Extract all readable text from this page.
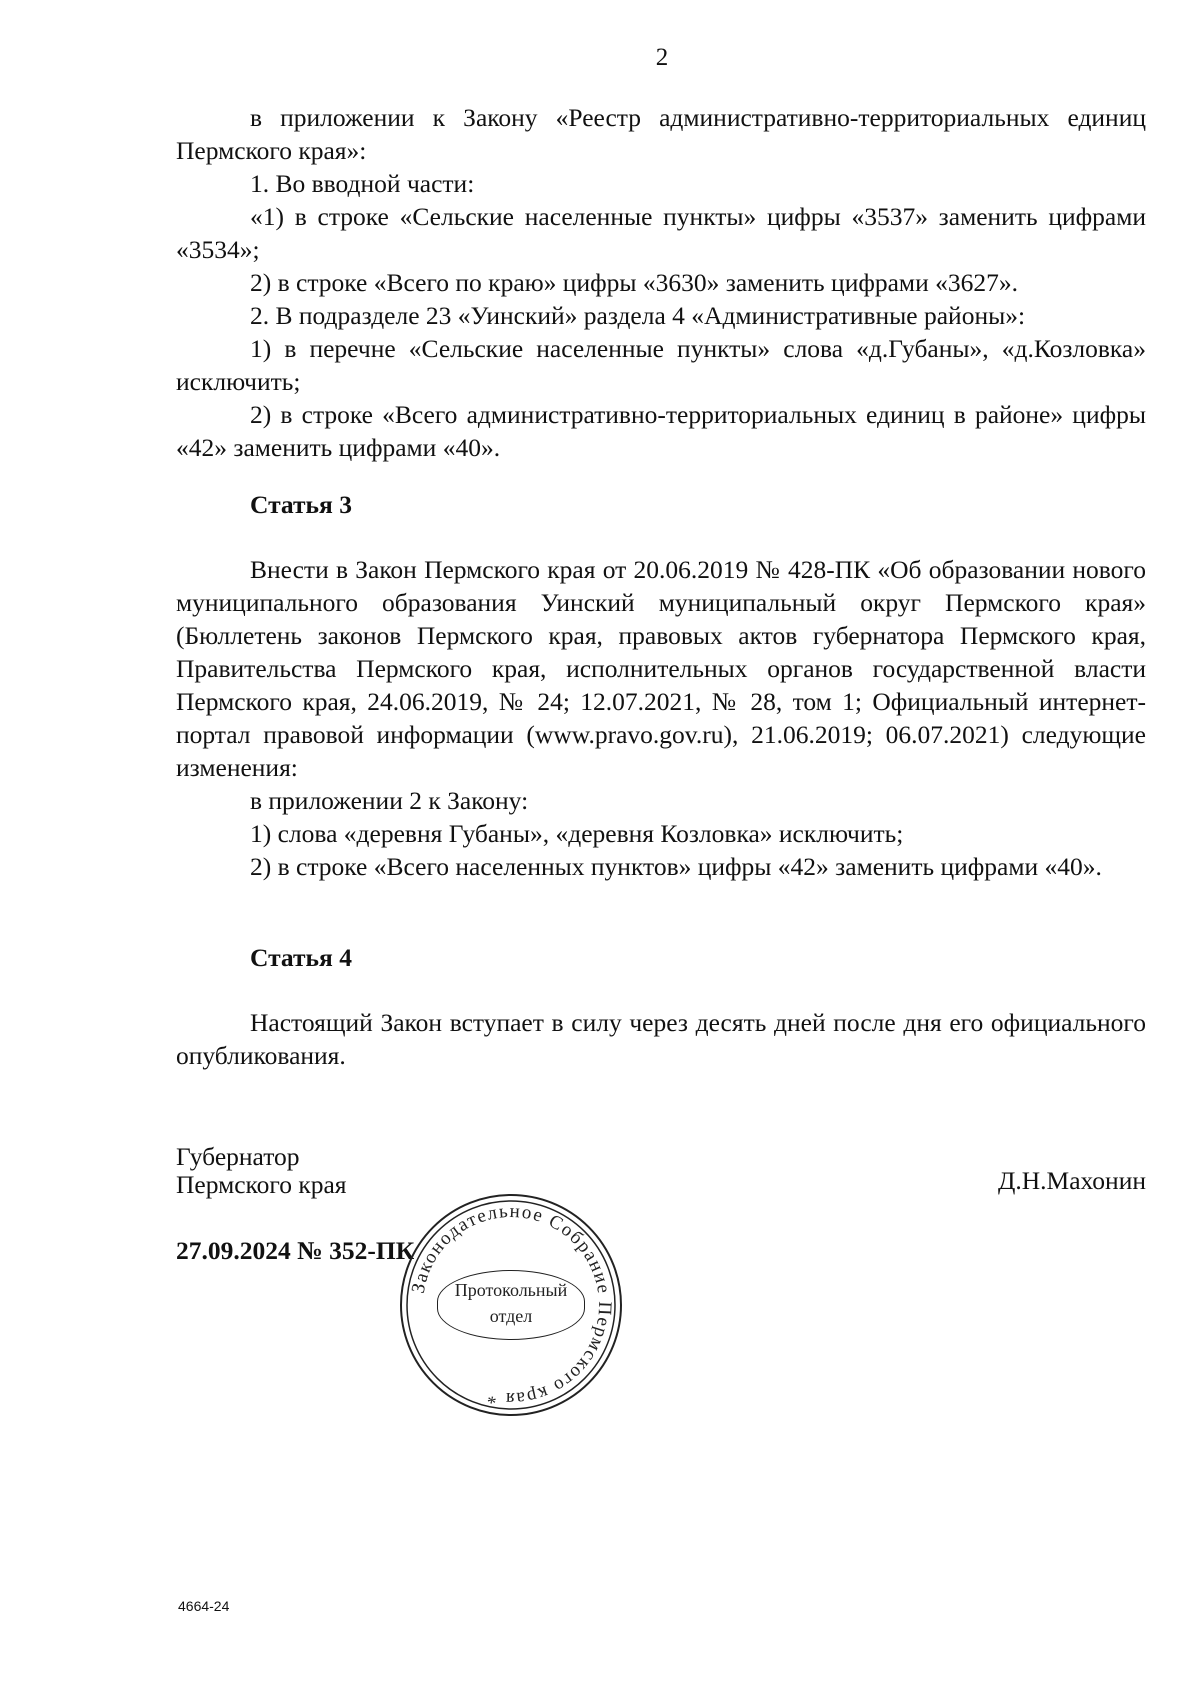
2

в приложении к Закону «Реестр административно-территориальных единиц Пермского края»:

1. Во вводной части:

«1) в строке «Сельские населенные пункты» цифры «3537» заменить цифрами «3534»;

2) в строке «Всего по краю» цифры «3630» заменить цифрами «3627».

2. В подразделе 23 «Уинский» раздела 4 «Административные районы»:

1) в перечне «Сельские населенные пункты» слова «д.Губаны», «д.Козловка» исключить;

2) в строке «Всего административно-территориальных единиц в районе» цифры «42» заменить цифрами «40».

Статья 3

Внести в Закон Пермского края от 20.06.2019 № 428-ПК «Об образовании нового муниципального образования Уинский муниципальный округ Пермского края» (Бюллетень законов Пермского края, правовых актов губернатора Пермского края, Правительства Пермского края, исполнительных органов государственной власти Пермского края, 24.06.2019, № 24; 12.07.2021, № 28, том 1; Официальный интернет-портал правовой информации (www.pravo.gov.ru), 21.06.2019; 06.07.2021) следующие изменения:

в приложении 2 к Закону:

1) слова «деревня Губаны», «деревня Козловка» исключить;

2) в строке «Всего населенных пунктов» цифры «42» заменить цифрами «40».

Статья 4

Настоящий Закон вступает в силу через десять дней после дня его официального опубликования.

Губернатор
Пермского края	Д.Н.Махонин
27.09.2024 № 352-ПК
Законодательное Собрание Пермского края *
Протокольный
отдел
4664-24
